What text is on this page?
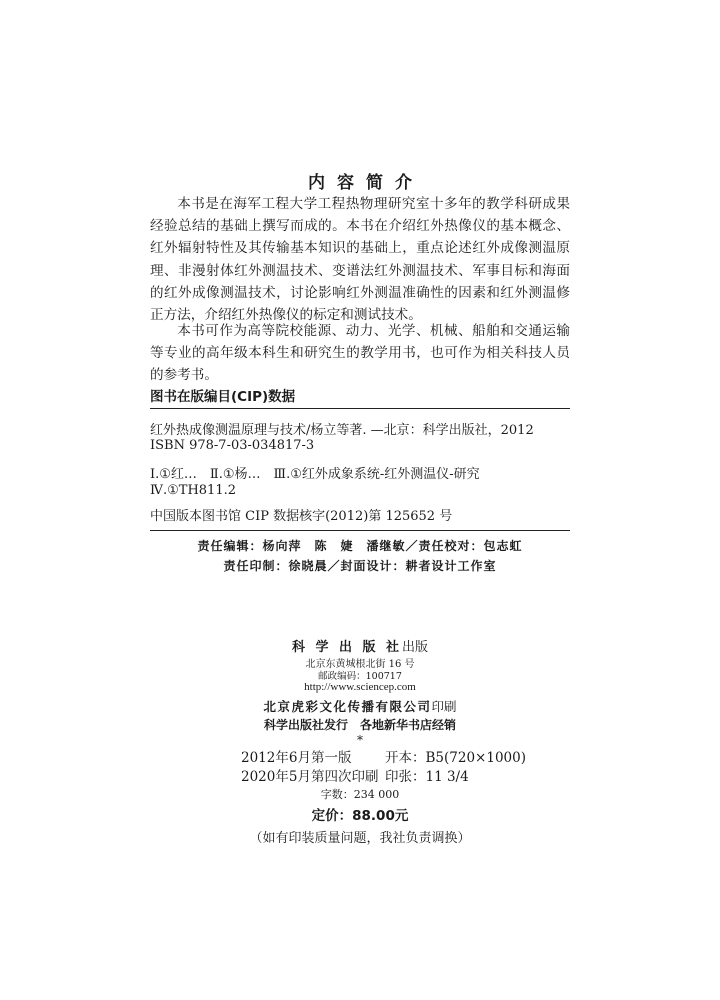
内容简介

本书是在海军工程大学工程热物理研究室十多年的教学科研成果经验总结的基础上撰写而成的。本书在介绍红外热像仪的基本概念、红外辐射特性及其传输基本知识的基础上，重点论述红外成像测温原理、非漫射体红外测温技术、变谱法红外测温技术、军事目标和海面的红外成像测温技术，讨论影响红外测温准确性的因素和红外测温修正方法，介绍红外热像仪的标定和测试技术。

本书可作为高等院校能源、动力、光学、机械、船舶和交通运输等专业的高年级本科生和研究生的教学用书，也可作为相关科技人员的参考书。

图书在版编目(CIP)数据
红外热成像测温原理与技术/杨立等著. —北京：科学出版社，2012
ISBN 978-7-03-034817-3
Ⅰ.①红…　Ⅱ.①杨…　Ⅲ.①红外成象系统-红外测温仪-研究
Ⅳ.①TH811.2
中国版本图书馆 CIP 数据核字(2012)第 125652 号
责任编辑：杨向萍　陈　婕　潘继敏／责任校对：包志虹
责任印制：徐晓晨／封面设计：耕者设计工作室
科 学 出 版 社出版
北京东黄城根北街 16 号
邮政编码：100717
http://www.sciencep.com
北京虎彩文化传播有限公司印刷
科学出版社发行　各地新华书店经销
*
2012年6月第一版 开本：B5(720×1000)
2020年5月第四次印刷 印张：11 3/4
字数：234 000
定价：88.00元
（如有印装质量问题，我社负责调换）
